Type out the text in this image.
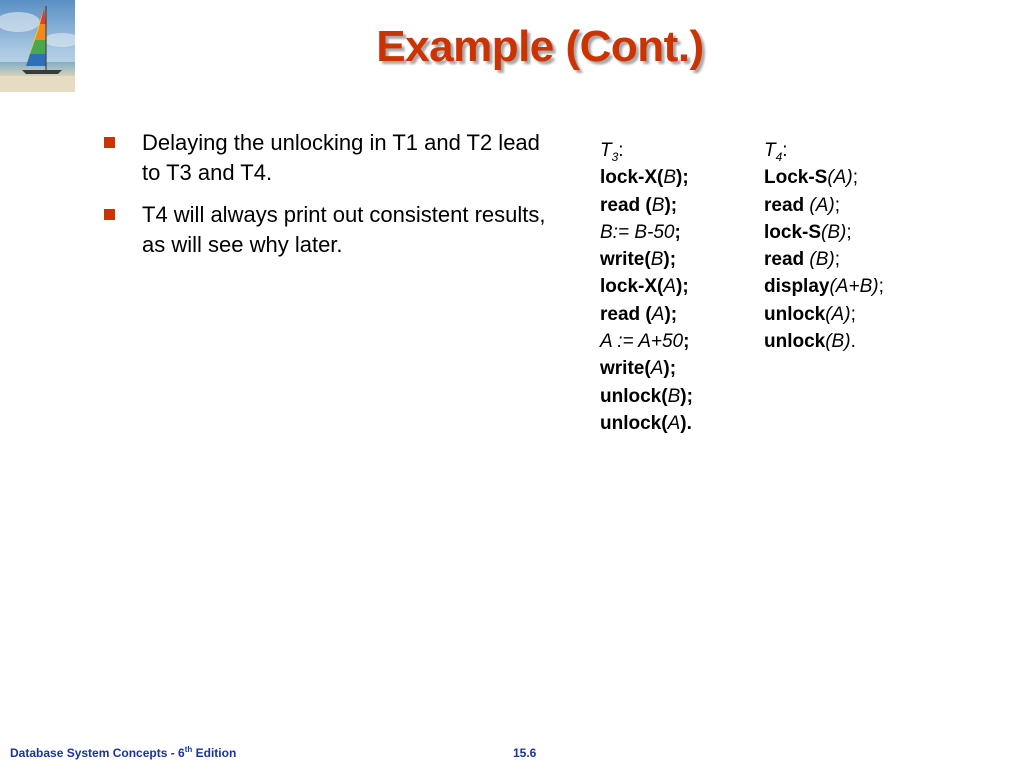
Example (Cont.)
Delaying the unlocking in T1 and T2 lead to T3 and T4.
T4 will always print out consistent results, as will see why later.
$T_3$:
lock-X(B);
read (B);
B:= B-50;
write(B);
lock-X(A);
read (A);
A := A+50;
write(A);
unlock(B);
unlock(A).
$T_4$:
Lock-S(A);
read (A);
lock-S(B);
read (B);
display(A+B);
unlock(A);
unlock(B).
Database System Concepts - 6th Edition	15.6
